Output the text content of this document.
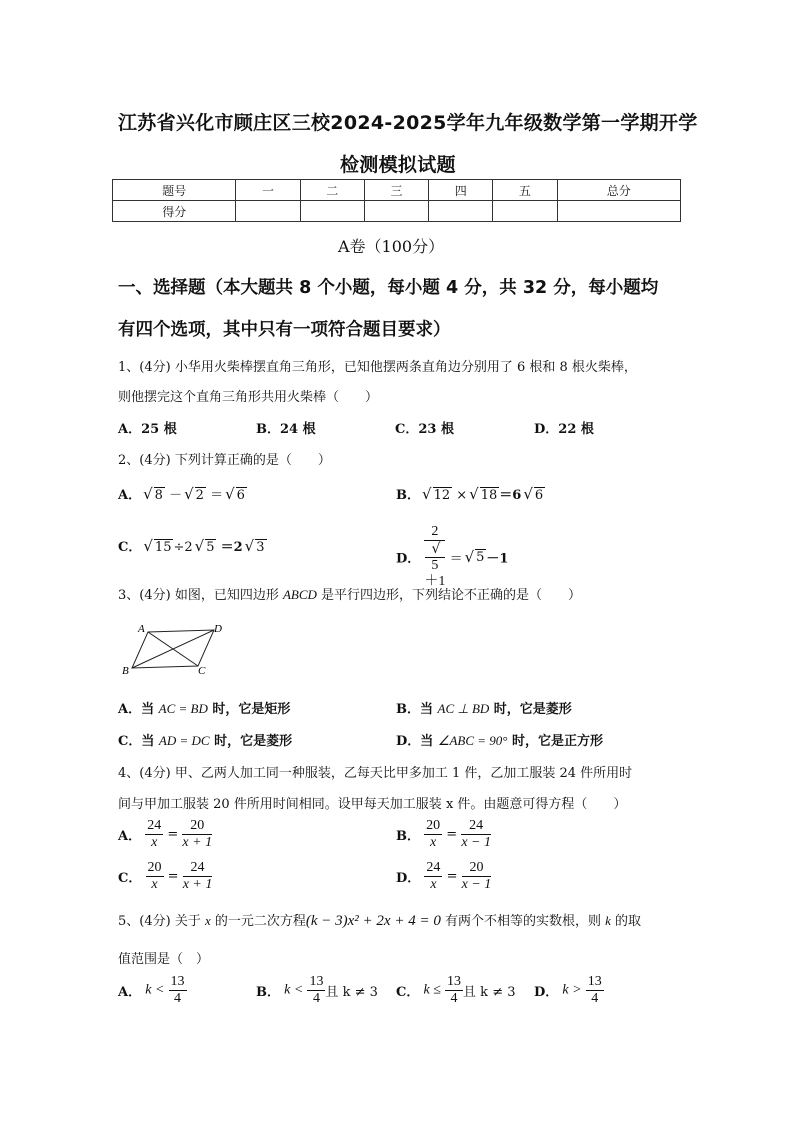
江苏省兴化市顾庄区三校2024-2025学年九年级数学第一学期开学
检测模拟试题
题号	一	二	三	四	五	总分
得分						
A卷（100分）
一、选择题（本大题共 8 个小题，每小题 4 分，共 32 分，每小题均
有四个选项，其中只有一项符合题目要求）
1、(4分) 小华用火柴棒摆直角三角形，已知他摆两条直角边分别用了 6 根和 8 根火柴棒，
则他摆完这个直角三角形共用火柴棒（　　）
A．25 根	B．24 根	C．23 根	D．22 根
2、(4分) 下列计算正确的是（　　）
A． √ 8 － √ 2 ＝ √ 6	B． √ 12 × √ 18 ＝6 √ 6
C． √ 15 ÷2 √ 5 ＝2 √ 3
D． 2
√
5
＋1 ＝ √ 5 －1
3、(4分) 如图，已知四边形 ABCD 是平行四边形，下列结论不正确的是（　　）
A	D
B	C
A．当 AC = BD 时，它是矩形	B．当 AC ⊥ BD 时，它是菱形
C．当 AD = DC 时，它是菱形	D．当 ∠ABC = 90° 时，它是正方形
4、(4分) 甲、乙两人加工同一种服装，乙每天比甲多加工 1 件，乙加工服装 24 件所用时
间与甲加工服装 20 件所用时间相同。设甲每天加工服装 x 件。由题意可得方程（　　）
A． $\frac{24}{x} = \frac{20}{x + 1}$	B． $\frac{20}{x} = \frac{24}{x - 1}$
C． $\frac{20}{x} = \frac{24}{x + 1}$	D． $\frac{24}{x} = \frac{20}{x - 1}$
5、(4分) 关于 x 的一元二次方程(k − 3)x² + 2x + 4 = 0 有两个不相等的实数根，则 k 的取
值范围是（　）
A． $k < \frac{13}{4}$	B． $k < \frac{13}{4}$ 且 k ≠ 3 C． $k \le \frac{13}{4}$ 且 k ≠ 3 D． $k > \frac{13}{4}$
